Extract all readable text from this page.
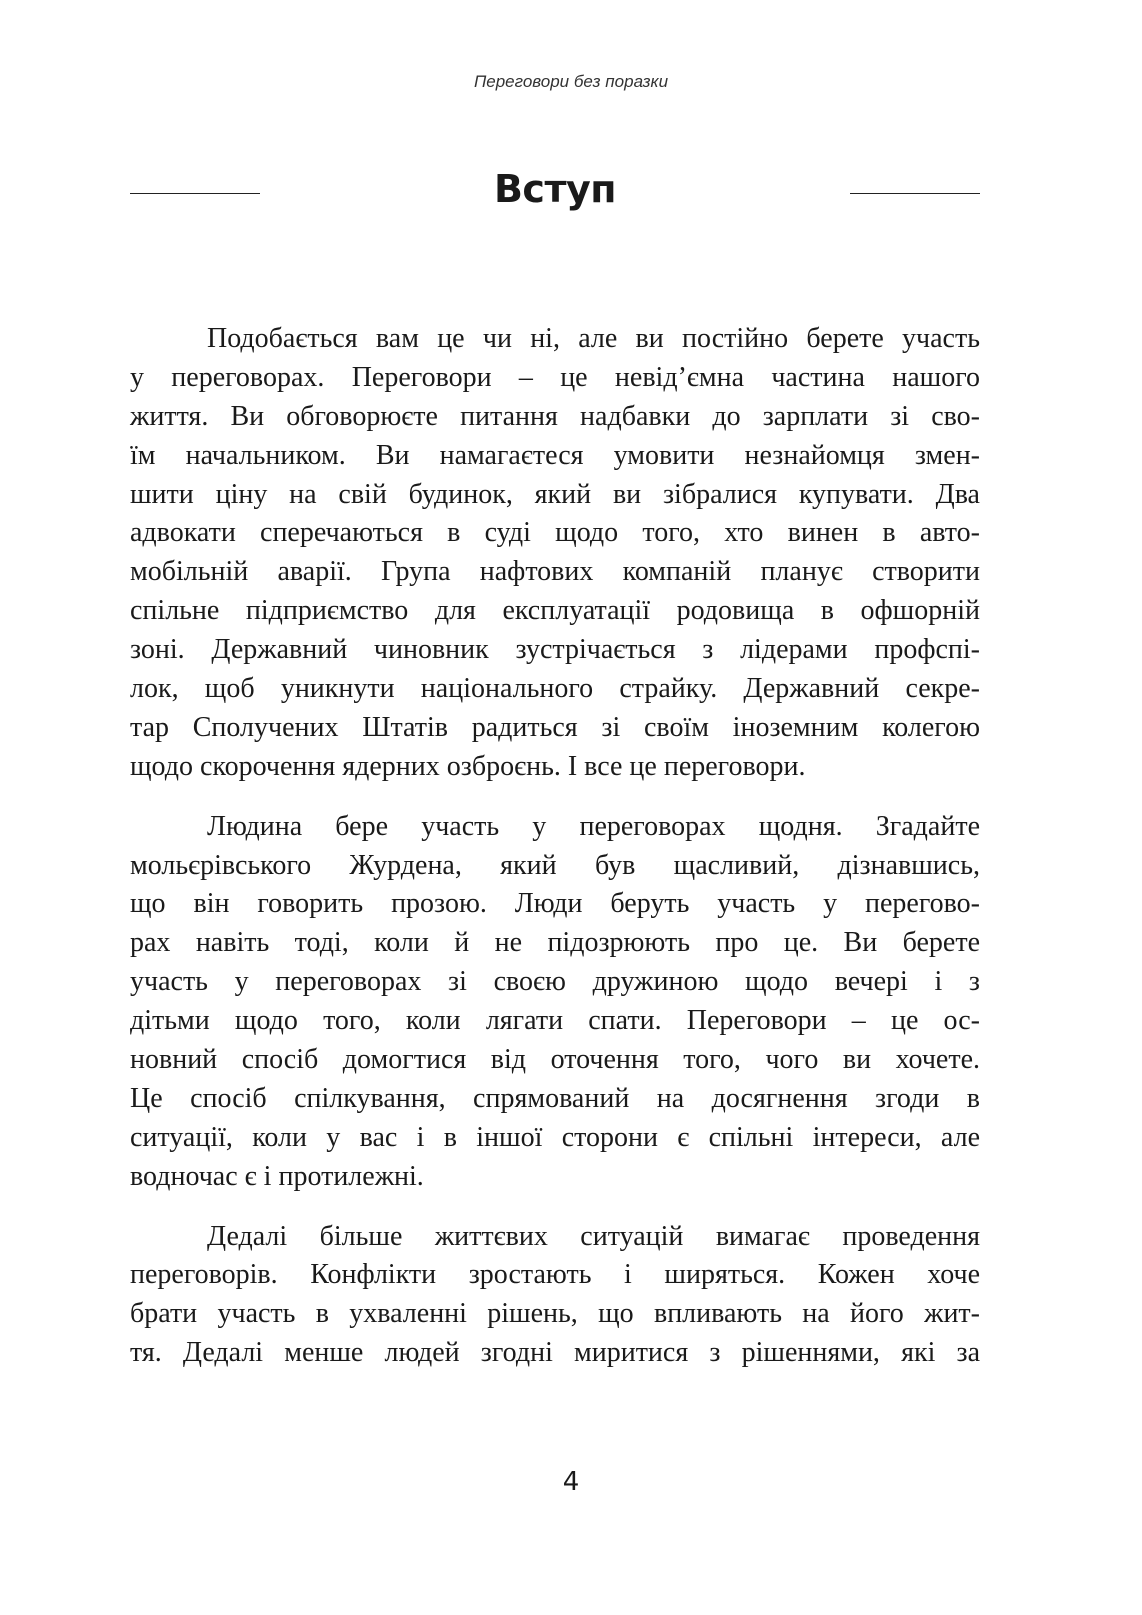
Переговори без поразки
Вступ
Подобається вам це чи ні, але ви постійно берете участь
у переговорах. Переговори – це невід’ємна частина нашого
життя. Ви обговорюєте питання надбавки до зарплати зі сво-
їм начальником. Ви намагаєтеся умовити незнайомця змен-
шити ціну на свій будинок, який ви зібралися купувати. Два
адвокати сперечаються в суді щодо того, хто винен в авто-
мобільній аварії. Група нафтових компаній планує створити
спільне підприємство для експлуатації родовища в офшорній
зоні. Державний чиновник зустрічається з лідерами профспі-
лок, щоб уникнути національного страйку. Державний секре-
тар Сполучених Штатів радиться зі своїм іноземним колегою
щодо скорочення ядерних озброєнь. І все це переговори.
Людина бере участь у переговорах щодня. Згадайте
мольєрівського Журдена, який був щасливий, дізнавшись,
що він говорить прозою. Люди беруть участь у перегово-
рах навіть тоді, коли й не підозрюють про це. Ви берете
участь у переговорах зі своєю дружиною щодо вечері і з
дітьми щодо того, коли лягати спати. Переговори – це ос-
новний спосіб домогтися від оточення того, чого ви хочете.
Це спосіб спілкування, спрямований на досягнення згоди в
ситуації, коли у вас і в іншої сторони є спільні інтереси, але
водночас є і протилежні.
Дедалі більше життєвих ситуацій вимагає проведення
переговорів. Конфлікти зростають і ширяться. Кожен хоче
брати участь в ухваленні рішень, що впливають на його жит-
тя. Дедалі менше людей згодні миритися з рішеннями, які за
4
